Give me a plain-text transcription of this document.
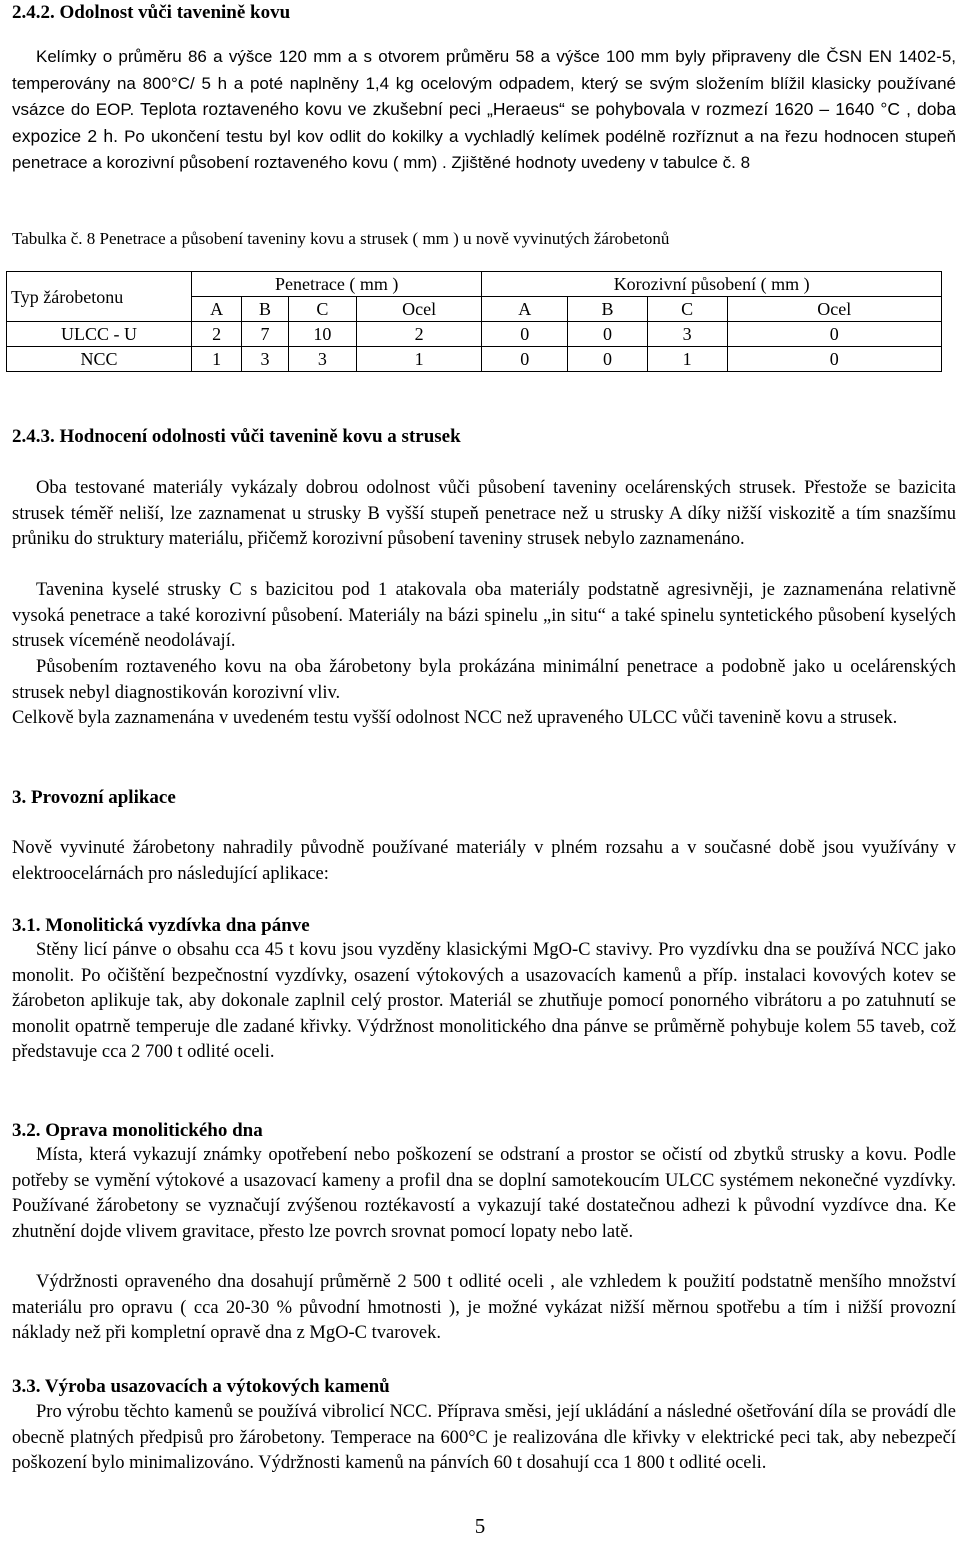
2.4.2. Odolnost vůči tavenině kovu

Kelímky o průměru 86 a výšce 120 mm a s otvorem průměru 58 a výšce 100 mm byly připraveny dle ČSN EN 1402-5, temperovány na 800°C/ 5 h a poté naplněny 1,4 kg ocelovým odpadem, který se svým složením blížil klasicky používané vsázce do EOP. Teplota roztaveného kovu ve zkušební peci „Heraeus“ se pohybovala v rozmezí 1620 – 1640 °C , doba expozice 2 h. Po ukončení testu byl kov odlit do kokilky a vychladlý kelímek podélně rozříznut a na řezu hodnocen stupeň penetrace a korozivní působení roztaveného kovu ( mm) . Zjištěné hodnoty uvedeny v tabulce č. 8

Tabulka č. 8 Penetrace a působení taveniny kovu a strusek ( mm ) u nově vyvinutých žárobetonů
Typ žárobetonu	Penetrace ( mm )				Korozivní působení ( mm )			
	A	B	C	Ocel	A	B	C	Ocel
ULCC - U	2	7	10	2	0	0	3	0
NCC	1	3	3	1	0	0	1	0
2.4.3. Hodnocení odolnosti vůči tavenině kovu a strusek

Oba testované materiály vykázaly dobrou odolnost vůči působení taveniny ocelárenských strusek. Přestože se bazicita strusek téměř neliší, lze zaznamenat u strusky B vyšší stupeň penetrace než u strusky A díky nižší viskozitě a tím snazšímu průniku do struktury materiálu, přičemž korozivní působení taveniny strusek nebylo zaznamenáno.

Tavenina kyselé strusky C s bazicitou pod 1 atakovala oba materiály podstatně agresivněji, je zaznamenána relativně vysoká penetrace a také korozivní působení. Materiály na bázi spinelu „in situ“ a také spinelu syntetického působení kyselých strusek víceméně neodolávají.

Působením roztaveného kovu na oba žárobetony byla prokázána minimální penetrace a podobně jako u ocelárenských strusek nebyl diagnostikován korozivní vliv.

Celkově byla zaznamenána v uvedeném testu vyšší odolnost NCC než upraveného ULCC vůči tavenině kovu a strusek.

3. Provozní aplikace

Nově vyvinuté žárobetony nahradily původně používané materiály v plném rozsahu a v současné době jsou využívány v elektroocelárnách pro následující aplikace:

3.1. Monolitická vyzdívka dna pánve

Stěny licí pánve o obsahu cca 45 t kovu jsou vyzděny klasickými MgO-C stavivy. Pro vyzdívku dna se používá NCC jako monolit. Po očištění bezpečnostní vyzdívky, osazení výtokových a usazovacích kamenů a příp. instalaci kovových kotev se žárobeton aplikuje tak, aby dokonale zaplnil celý prostor. Materiál se zhutňuje pomocí ponorného vibrátoru a po zatuhnutí se monolit opatrně temperuje dle zadané křivky. Výdržnost monolitického dna pánve se průměrně pohybuje kolem 55 taveb, což představuje cca 2 700 t odlité oceli.

3.2. Oprava monolitického dna

Místa, která vykazují známky opotřebení nebo poškození se odstraní a prostor se očistí od zbytků strusky a kovu. Podle potřeby se vymění výtokové a usazovací kameny a profil dna se doplní samotekoucím ULCC systémem nekonečné vyzdívky. Používané žárobetony se vyznačují zvýšenou roztékavostí a vykazují také dostatečnou adhezi k původní vyzdívce dna. Ke zhutnění dojde vlivem gravitace, přesto lze povrch srovnat pomocí lopaty nebo latě.

Výdržnosti opraveného dna dosahují průměrně 2 500 t odlité oceli , ale vzhledem k použití podstatně menšího množství materiálu pro opravu ( cca 20-30 % původní hmotnosti ), je možné vykázat nižší měrnou spotřebu a tím i nižší provozní náklady než při kompletní opravě dna z MgO-C tvarovek.

3.3. Výroba usazovacích a výtokových kamenů

Pro výrobu těchto kamenů se používá vibrolicí NCC. Příprava směsi, její ukládání a následné ošetřování díla se provádí dle obecně platných předpisů pro žárobetony. Temperace na 600°C je realizována dle křivky v elektrické peci tak, aby nebezpečí poškození bylo minimalizováno. Výdržnosti kamenů na pánvích 60 t dosahují cca 1 800 t odlité oceli.

5
